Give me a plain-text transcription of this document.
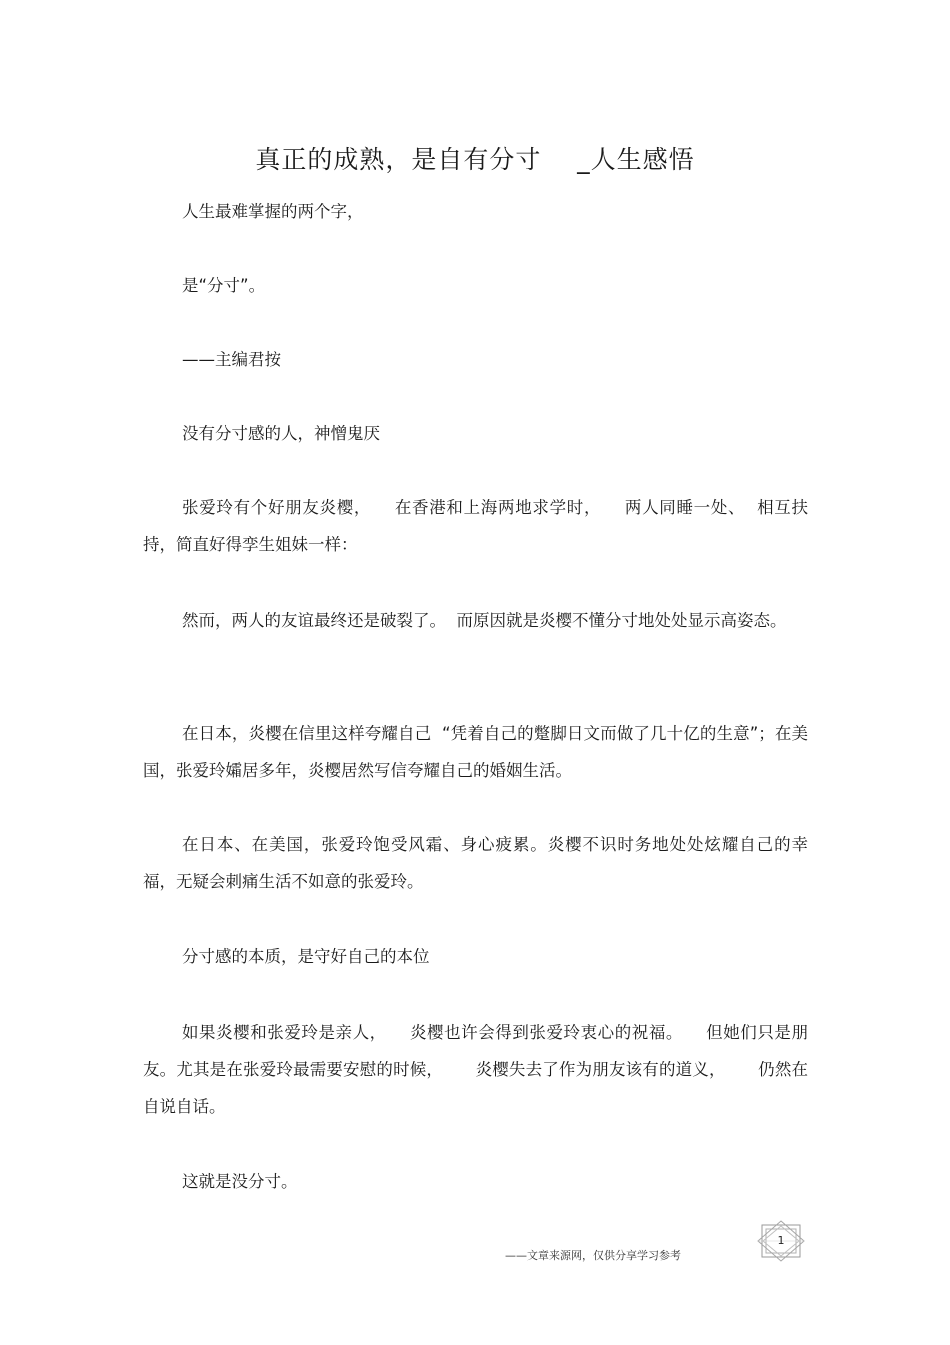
真正的成熟，是自有分寸    _人生感悟

人生最难掌握的两个字，

是“分寸”。

——主编君按

没有分寸感的人，神憎鬼厌

张爱玲有个好朋友炎樱，    在香港和上海两地求学时，    两人同睡一处、  相互扶持，简直好得孪生姐妹一样：

然而，两人的友谊最终还是破裂了。  而原因就是炎樱不懂分寸地处处显示高姿态。

在日本，炎樱在信里这样夸耀自己  “凭着自己的蹩脚日文而做了几十亿的生意”；在美国，张爱玲孀居多年，炎樱居然写信夸耀自己的婚姻生活。

在日本、在美国，张爱玲饱受风霜、身心疲累。炎樱不识时务地处处炫耀自己的幸福，无疑会刺痛生活不如意的张爱玲。

分寸感的本质，是守好自己的本位

如果炎樱和张爱玲是亲人，    炎樱也许会得到张爱玲衷心的祝福。    但她们只是朋友。尤其是在张爱玲最需要安慰的时候，      炎樱失去了作为朋友该有的道义，      仍然在自说自话。

这就是没分寸。

——文章来源网，仅供分享学习参考
1
